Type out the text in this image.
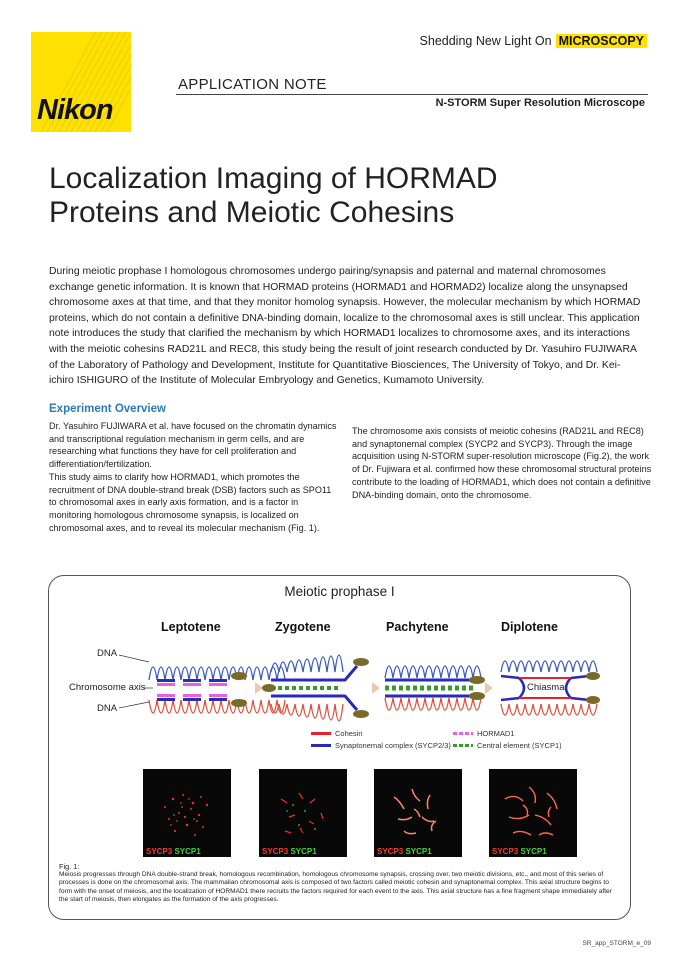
Nikon
Shedding New Light On MICROSCOPY
APPLICATION NOTE
N-STORM Super Resolution Microscope
Localization Imaging of HORMAD Proteins and Meiotic Cohesins

During meiotic prophase I homologous chromosomes undergo pairing/synapsis and paternal and maternal chromosomes exchange genetic information. It is known that HORMAD proteins (HORMAD1 and HORMAD2) localize along the unsynapsed chromosome axes at that time, and that they monitor homolog synapsis. However, the molecular mechanism by which HORMAD proteins, which do not contain a definitive DNA-binding domain, localize to the chromosomal axes is still unclear. This application note introduces the study that clarified the mechanism by which HORMAD1 localizes to chromosome axes, and its interactions with the meiotic cohesins RAD21L and REC8, this study being the result of joint research conducted by Dr. Yasuhiro FUJIWARA of the Laboratory of Pathology and Development, Institute for Quantitative Biosciences, The University of Tokyo, and Dr. Kei-ichiro ISHIGURO of the Institute of Molecular Embryology and Genetics, Kumamoto University.

Experiment Overview

Dr. Yasuhiro FUJIWARA et al. have focused on the chromatin dynamics and transcriptional regulation mechanism in germ cells, and are researching what functions they have for cell proliferation and differentiation/fertilization.

This study aims to clarify how HORMAD1, which promotes the recruitment of DNA double-strand break (DSB) factors such as SPO11 to chromosomal axes in early axis formation, and is a factor in monitoring homologous chromosome synapsis, is localized on chromosomal axes, and to reveal its molecular mechanism (Fig. 1).

The chromosome axis consists of meiotic cohesins (RAD21L and REC8) and synaptonemal complex (SYCP2 and SYCP3). Through the image acquisition using N-STORM super-resolution microscope (Fig.2), the work of Dr. Fujiwara et al. confirmed how these chromosomal structural proteins contribute to the loading of HORMAD1, which does not contain a definitive DNA-binding domain, onto the chromosome.

Meiotic prophase I
Leptotene	Zygotene	Pachytene	Diplotene
DNA
Chromosome axis
DNA
Chiasma
Cohesin
Synaptonemal complex (SYCP2/3)
HORMAD1
Central element (SYCP1)
SYCP3 SYCP1	SYCP3 SYCP1	SYCP3 SYCP1	SYCP3 SYCP1
Fig. 1:

Meiosis progresses through DNA double-strand break, homologous recombination, homologous chromosome synapsis, crossing over, two meiotic divisions, etc., and most of this series of processes is done on the chromosomal axis. The mammalian chromosomal axis is composed of two factors called meiotic cohesin and synaptonemal complex. This axial structure begins to form with the onset of meiosis, and the localization of HORMAD1 there recruits the factors required for each event to the axis. This axial structure has a fine fragment shape immediately after the start of meiosis, then elongates as the formation of the axis progresses.

SR_app_STORM_e_09
